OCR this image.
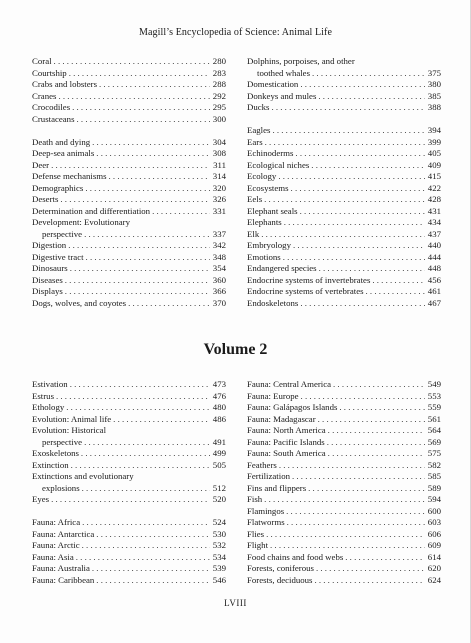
Magill’s Encyclopedia of Science: Animal Life
Coral . . .	280
Courtship . . .	283
Crabs and lobsters . . .	288
Cranes . . .	292
Crocodiles . . .	295
Crustaceans . . .	300
Death and dying . . .	304
Deep-sea animals . . .	308
Deer . . .	311
Defense mechanisms . . .	314
Demographics . . .	320
Deserts . . .	326
Determination and differentiation . . .	331
Development: Evolutionary
perspective . . .	337
Digestion . . .	342
Digestive tract . . .	348
Dinosaurs . . .	354
Diseases . . .	360
Displays . . .	366
Dogs, wolves, and coyotes . . .	370
Dolphins, porpoises, and other
toothed whales . . .	375
Domestication . . .	380
Donkeys and mules . . .	385
Ducks . . .	388
Eagles . . .	394
Ears . . .	399
Echinoderms . . .	405
Ecological niches . . .	409
Ecology . . .	415
Ecosystems . . .	422
Eels . . .	428
Elephant seals . . .	431
Elephants . . .	434
Elk . . .	437
Embryology . . .	440
Emotions . . .	444
Endangered species . . .	448
Endocrine systems of invertebrates . . .	456
Endocrine systems of vertebrates . . .	461
Endoskeletons . . .	467
Volume 2
Estivation . . .	473
Estrus . . .	476
Ethology . . .	480
Evolution: Animal life . . .	486
Evolution: Historical
perspective . . .	491
Exoskeletons . . .	499
Extinction . . .	505
Extinctions and evolutionary
explosions . . .	512
Eyes . . .	520
Fauna: Africa . . .	524
Fauna: Antarctica . . .	530
Fauna: Arctic . . .	532
Fauna: Asia . . .	534
Fauna: Australia . . .	539
Fauna: Caribbean . . .	546
Fauna: Central America . . .	549
Fauna: Europe . . .	553
Fauna: Galápagos Islands . . .	559
Fauna: Madagascar . . .	561
Fauna: North America . . .	564
Fauna: Pacific Islands . . .	569
Fauna: South America . . .	575
Feathers . . .	582
Fertilization . . .	585
Fins and flippers . . .	589
Fish . . .	594
Flamingos . . .	600
Flatworms . . .	603
Flies . . .	606
Flight . . .	609
Food chains and food webs . . .	614
Forests, coniferous . . .	620
Forests, deciduous . . .	624
LVIII
